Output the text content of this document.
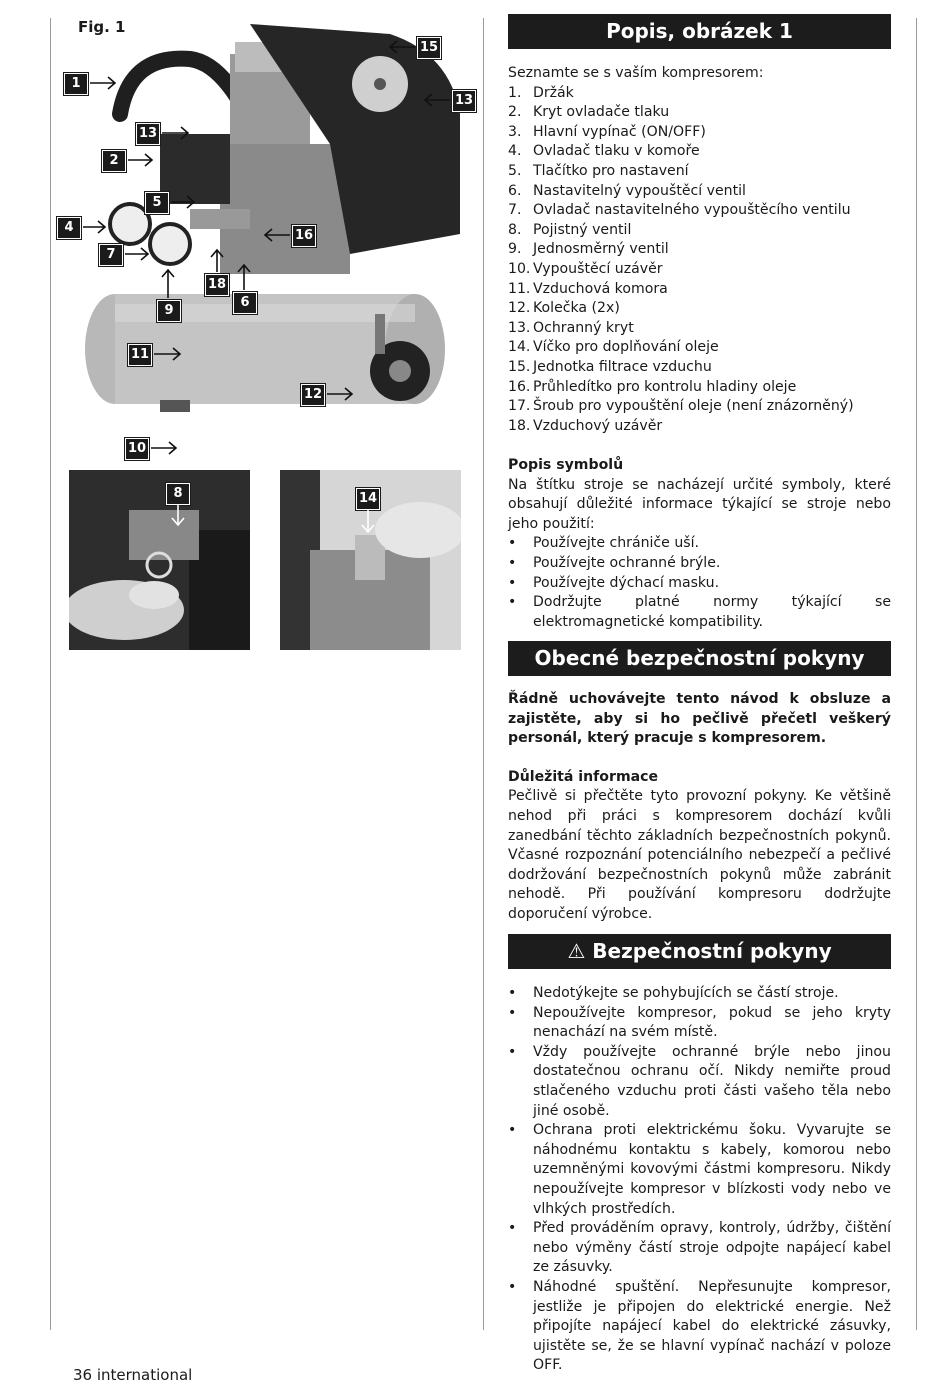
Fig. 1
1
13
2
5
4
7
18
6
9
11
12
10
15
13
16
8	14
Popis, obrázek 1
Seznamte se s vaším kompresorem:
1. Držák
2. Kryt ovladače tlaku
3. Hlavní vypínač (ON/OFF)
4. Ovladač tlaku v komoře
5. Tlačítko pro nastavení
6. Nastavitelný vypouštěcí ventil
7. Ovladač nastavitelného vypouštěcího ventilu
8. Pojistný ventil
9. Jednosměrný ventil
10. Vypouštěcí uzávěr
11. Vzduchová komora
12. Kolečka (2x)
13. Ochranný kryt
14. Víčko pro doplňování oleje
15. Jednotka filtrace vzduchu
16. Průhledítko pro kontrolu hladiny oleje
17. Šroub pro vypouštění oleje (není znázorněný)
18. Vzduchový uzávěr
Popis symbolů
Na štítku stroje se nacházejí určité symboly, které obsahují důležité informace týkající se stroje nebo jeho použití:
• Používejte chrániče uší.
• Používejte ochranné brýle.
• Používejte dýchací masku.
• Dodržujte platné normy týkající se elektromagnetické kompatibility.
Obecné bezpečnostní pokyny
Řádně uchovávejte tento návod k obsluze a zajistěte, aby si ho pečlivě přečetl veškerý personál, který pracuje s kompresorem.
Důležitá informace
Pečlivě si přečtěte tyto provozní pokyny. Ke většině nehod při práci s kompresorem dochází kvůli zanedbání těchto základních bezpečnostních pokynů. Včasné rozpoznání potenciálního nebezpečí a pečlivé dodržování bezpečnostních pokynů může zabránit nehodě. Při používání kompresoru dodržujte doporučení výrobce.
⚠ Bezpečnostní pokyny
• Nedotýkejte se pohybujících se částí stroje.
• Nepoužívejte kompresor, pokud se jeho kryty nenachází na svém místě.
• Vždy používejte ochranné brýle nebo jinou dostatečnou ochranu očí. Nikdy nemiřte proud stlačeného vzduchu proti části vašeho těla nebo jiné osobě.
• Ochrana proti elektrickému šoku. Vyvarujte se náhodnému kontaktu s kabely, komorou nebo uzemněnými kovovými částmi kompresoru. Nikdy nepoužívejte kompresor v blízkosti vody nebo ve vlhkých prostředích.
• Před prováděním opravy, kontroly, údržby, čištění nebo výměny částí stroje odpojte napájecí kabel ze zásuvky.
• Náhodné spuštění. Nepřesunujte kompresor, jestliže je připojen do elektrické energie. Než připojíte napájecí kabel do elektrické zásuvky, ujistěte se, že se hlavní vypínač nachází v poloze OFF.
36 international
